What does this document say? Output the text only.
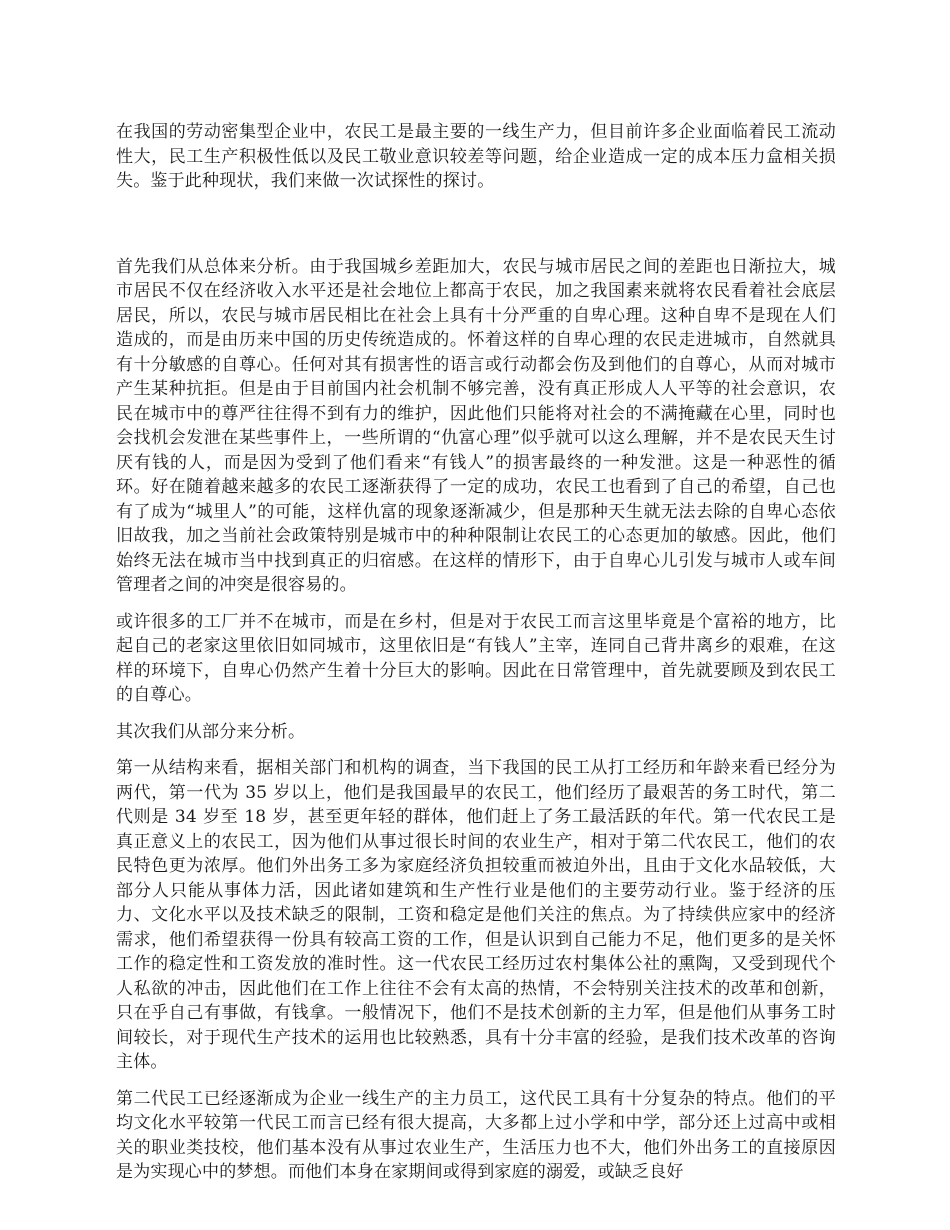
在我国的劳动密集型企业中，农民工是最主要的一线生产力，但目前许多企业面临着民工流动性大，民工生产积极性低以及民工敬业意识较差等问题，给企业造成一定的成本压力盒相关损失。鉴于此种现状，我们来做一次试探性的探讨。

首先我们从总体来分析。由于我国城乡差距加大，农民与城市居民之间的差距也日渐拉大，城市居民不仅在经济收入水平还是社会地位上都高于农民，加之我国素来就将农民看着社会底层居民，所以，农民与城市居民相比在社会上具有十分严重的自卑心理。这种自卑不是现在人们造成的，而是由历来中国的历史传统造成的。怀着这样的自卑心理的农民走进城市，自然就具有十分敏感的自尊心。任何对其有损害性的语言或行动都会伤及到他们的自尊心，从而对城市产生某种抗拒。但是由于目前国内社会机制不够完善，没有真正形成人人平等的社会意识，农民在城市中的尊严往往得不到有力的维护，因此他们只能将对社会的不满掩藏在心里，同时也会找机会发泄在某些事件上，一些所谓的“仇富心理”似乎就可以这么理解，并不是农民天生讨厌有钱的人，而是因为受到了他们看来“有钱人”的损害最终的一种发泄。这是一种恶性的循环。好在随着越来越多的农民工逐渐获得了一定的成功，农民工也看到了自己的希望，自己也有了成为“城里人”的可能，这样仇富的现象逐渐减少，但是那种天生就无法去除的自卑心态依旧故我，加之当前社会政策特别是城市中的种种限制让农民工的心态更加的敏感。因此，他们始终无法在城市当中找到真正的归宿感。在这样的情形下，由于自卑心儿引发与城市人或车间管理者之间的冲突是很容易的。

或许很多的工厂并不在城市，而是在乡村，但是对于农民工而言这里毕竟是个富裕的地方，比起自己的老家这里依旧如同城市，这里依旧是“有钱人”主宰，连同自己背井离乡的艰难，在这样的环境下，自卑心仍然产生着十分巨大的影响。因此在日常管理中，首先就要顾及到农民工的自尊心。

其次我们从部分来分析。

第一从结构来看，据相关部门和机构的调查，当下我国的民工从打工经历和年龄来看已经分为两代，第一代为 35 岁以上，他们是我国最早的农民工，他们经历了最艰苦的务工时代，第二代则是 34 岁至 18 岁，甚至更年轻的群体，他们赶上了务工最活跃的年代。第一代农民工是真正意义上的农民工，因为他们从事过很长时间的农业生产，相对于第二代农民工，他们的农民特色更为浓厚。他们外出务工多为家庭经济负担较重而被迫外出，且由于文化水品较低，大部分人只能从事体力活，因此诸如建筑和生产性行业是他们的主要劳动行业。鉴于经济的压力、文化水平以及技术缺乏的限制，工资和稳定是他们关注的焦点。为了持续供应家中的经济需求，他们希望获得一份具有较高工资的工作，但是认识到自己能力不足，他们更多的是关怀工作的稳定性和工资发放的准时性。这一代农民工经历过农村集体公社的熏陶，又受到现代个人私欲的冲击，因此他们在工作上往往不会有太高的热情，不会特别关注技术的改革和创新，只在乎自己有事做，有钱拿。一般情况下，他们不是技术创新的主力军，但是他们从事务工时间较长，对于现代生产技术的运用也比较熟悉，具有十分丰富的经验，是我们技术改革的咨询主体。

第二代民工已经逐渐成为企业一线生产的主力员工，这代民工具有十分复杂的特点。他们的平均文化水平较第一代民工而言已经有很大提高，大多都上过小学和中学，部分还上过高中或相关的职业类技校，他们基本没有从事过农业生产，生活压力也不大，他们外出务工的直接原因是为实现心中的梦想。而他们本身在家期间或得到家庭的溺爱，或缺乏良好
